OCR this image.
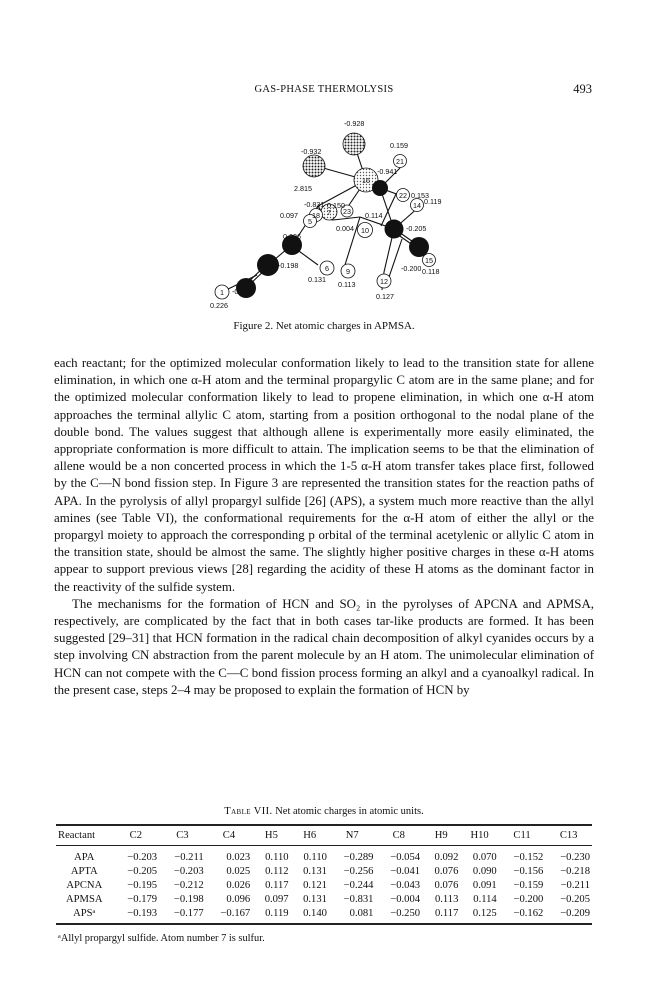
GAS-PHASE THERMOLYSIS	493
21
14
22
16
23
18
5
7
10
15
6 9
12
1
-0.928
0.159
-0.932
-0.941
2.815
0.153
-0.831 0.150	0.119
0.097	0.114
-0.205
0.004
0.096
0.118
-0.200
-0.198
0.131
0.113
-0.179
0.127
0.226
Figure 2. Net atomic charges in APMSA.

each reactant; for the optimized molecular conformation likely to lead to the transition state for allene elimination, in which one α-H atom and the terminal propargylic C atom are in the same plane; and for the optimized molecular conformation likely to lead to propene elimination, in which one α-H atom approaches the terminal allylic C atom, starting from a position orthogonal to the nodal plane of the double bond. The values suggest that although allene is experimentally more easily eliminated, the appropriate conformation is more difficult to attain. The implication seems to be that the elimination of allene would be a non concerted process in which the 1-5 α-H atom transfer takes place first, followed by the C—N bond fission step. In Figure 3 are represented the transition states for the reaction paths of APA. In the pyrolysis of allyl propargyl sulfide [26] (APS), a system much more reactive than the allyl amines (see Table VI), the conformational requirements for the α-H atom of either the allyl or the propargyl moiety to approach the corresponding p orbital of the terminal acetylenic or allylic C atom in the transition state, should be almost the same. The slightly higher positive charges in these α-H atoms appear to support previous views [28] regarding the acidity of these H atoms as the dominant factor in the reactivity of the sulfide system.

The mechanisms for the formation of HCN and SO₂ in the pyrolyses of APCNA and APMSA, respectively, are complicated by the fact that in both cases tar-like products are formed. It has been suggested [29–31] that HCN formation in the radical chain decomposition of alkyl cyanides occurs by a step involving CN abstraction from the parent molecule by an H atom. The unimolecular elimination of HCN can not compete with the C—C bond fission process forming an alkyl and a cyanoalkyl radical. In the present case, steps 2–4 may be proposed to explain the formation of HCN by

Table VII. Net atomic charges in atomic units.
Reactant	C2	C3	C4	H5	H6	N7	C8	H9	H10	C11	C13
APA	−0.203	−0.211	0.023	0.110	0.110	−0.289	−0.054	0.092	0.070	−0.152	−0.230
APTA	−0.205	−0.203	0.025	0.112	0.131	−0.256	−0.041	0.076	0.090	−0.156	−0.218
APCNA	−0.195	−0.212	0.026	0.117	0.121	−0.244	−0.043	0.076	0.091	−0.159	−0.211
APMSA	−0.179	−0.198	0.096	0.097	0.131	−0.831	−0.004	0.113	0.114	−0.200	−0.205
APSᵃ	−0.193	−0.177	−0.167	0.119	0.140	0.081	−0.250	0.117	0.125	−0.162	−0.209
ᵃAllyl propargyl sulfide. Atom number 7 is sulfur.
